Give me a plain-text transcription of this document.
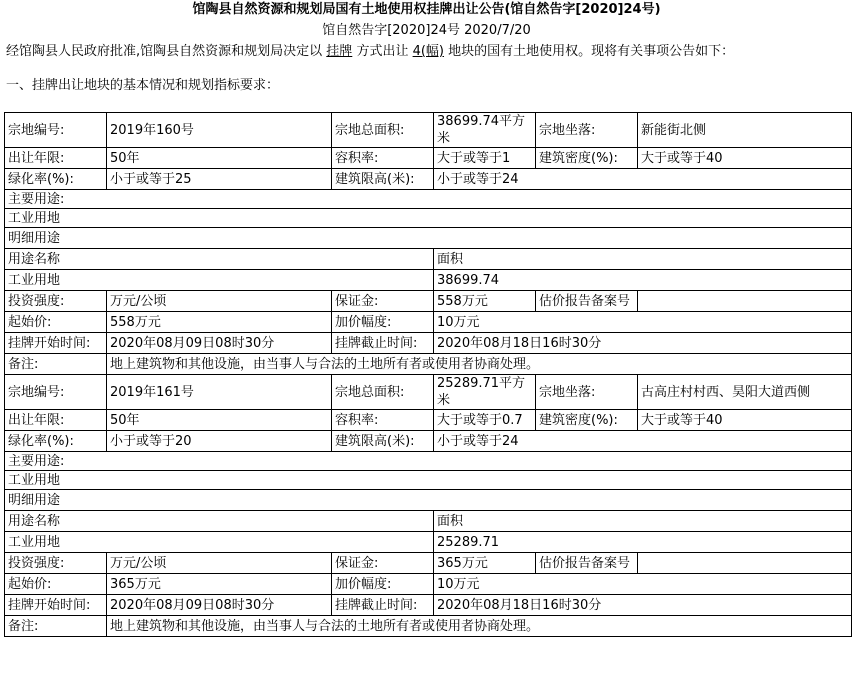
馆陶县自然资源和规划局国有土地使用权挂牌出让公告(馆自然告字[2020]24号)
馆自然告字[2020]24号 2020/7/20
经馆陶县人民政府批准,馆陶县自然资源和规划局决定以 挂牌 方式出让 4(幅) 地块的国有土地使用权。现将有关事项公告如下：
一、挂牌出让地块的基本情况和规划指标要求：
宗地编号:	2019年160号	宗地总面积:	38699.74平方米	宗地坐落:	新能街北侧
出让年限:	50年	容积率:	大于或等于1	建筑密度(%):	大于或等于40
绿化率(%):	小于或等于25	建筑限高(米):	小于或等于24		
主要用途:					
工业用地					
明细用途					
用途名称			面积		
工业用地			38699.74		
投资强度:	万元/公顷	保证金:	558万元	估价报告备案号	
起始价:	558万元	加价幅度:	10万元		
挂牌开始时间:	2020年08月09日08时30分	挂牌截止时间:	2020年08月18日16时30分		
备注:	地上建筑物和其他设施，由当事人与合法的土地所有者或使用者协商处理。				
宗地编号:	2019年161号	宗地总面积:	25289.71平方米	宗地坐落:	古高庄村村西、昊阳大道西侧
出让年限:	50年	容积率:	大于或等于0.7	建筑密度(%):	大于或等于40
绿化率(%):	小于或等于20	建筑限高(米):	小于或等于24		
主要用途:					
工业用地					
明细用途					
用途名称			面积		
工业用地			25289.71		
投资强度:	万元/公顷	保证金:	365万元	估价报告备案号	
起始价:	365万元	加价幅度:	10万元		
挂牌开始时间:	2020年08月09日08时30分	挂牌截止时间:	2020年08月18日16时30分		
备注:	地上建筑物和其他设施，由当事人与合法的土地所有者或使用者协商处理。				
